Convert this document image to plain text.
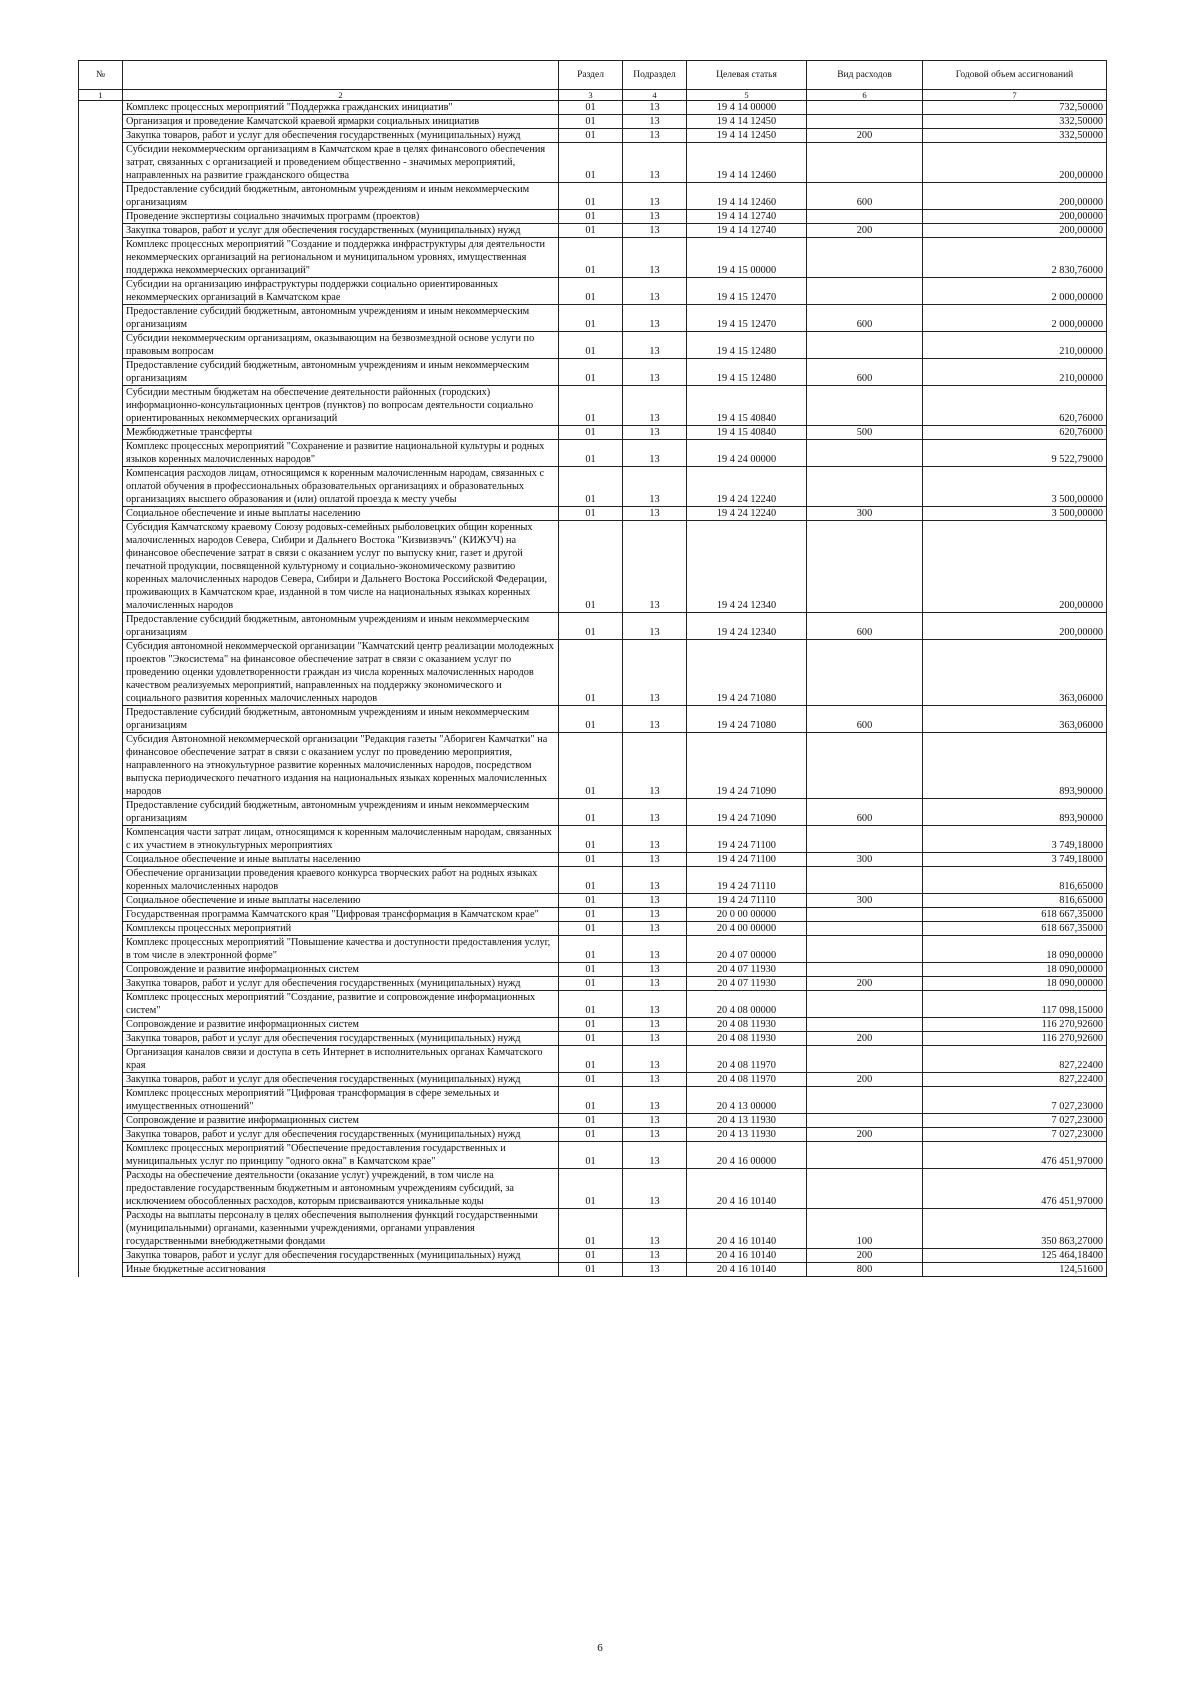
№		Раздел	Подраздел	Целевая статья	Вид расходов	Годовой объем ассигнований
1	2	3	4	5	6	7
	Комплекс процессных мероприятий "Поддержка гражданских инициатив"	01	13	19 4 14 00000		732,50000
	Организация и проведение Камчатской краевой ярмарки социальных инициатив	01	13	19 4 14 12450		332,50000
	Закупка товаров, работ и услуг для обеспечения государственных (муниципальных) нужд	01	13	19 4 14 12450	200	332,50000
	Субсидии некоммерческим организациям в Камчатском крае в целях финансового обеспечения затрат, связанных с организацией и проведением общественно - значимых мероприятий, направленных на развитие гражданского общества	01	13	19 4 14 12460		200,00000
	Предоставление субсидий бюджетным, автономным учреждениям и иным некоммерческим организациям	01	13	19 4 14 12460	600	200,00000
	Проведение экспертизы социально значимых программ (проектов)	01	13	19 4 14 12740		200,00000
	Закупка товаров, работ и услуг для обеспечения государственных (муниципальных) нужд	01	13	19 4 14 12740	200	200,00000
	Комплекс процессных мероприятий "Создание и поддержка инфраструктуры для деятельности некоммерческих организаций на региональном и муниципальном уровнях, имущественная поддержка некоммерческих организаций"	01	13	19 4 15 00000		2 830,76000
	Субсидии на организацию инфраструктуры поддержки социально ориентированных некоммерческих организаций в Камчатском крае	01	13	19 4 15 12470		2 000,00000
	Предоставление субсидий бюджетным, автономным учреждениям и иным некоммерческим организациям	01	13	19 4 15 12470	600	2 000,00000
	Субсидии некоммерческим организациям, оказывающим на безвозмездной основе услуги по правовым вопросам	01	13	19 4 15 12480		210,00000
	Предоставление субсидий бюджетным, автономным учреждениям и иным некоммерческим организациям	01	13	19 4 15 12480	600	210,00000
	Субсидии местным бюджетам на обеспечение деятельности районных (городских) информационно-консультационных центров (пунктов) по вопросам деятельности социально ориентированных некоммерческих организаций	01	13	19 4 15 40840		620,76000
	Межбюджетные трансферты	01	13	19 4 15 40840	500	620,76000
	Комплекс процессных мероприятий "Сохранение и развитие национальной культуры и родных языков коренных малочисленных народов"	01	13	19 4 24 00000		9 522,79000
	Компенсация расходов лицам, относящимся к коренным малочисленным народам, связанных с оплатой обучения в профессиональных образовательных организациях и образовательных организациях высшего образования и (или) оплатой проезда к месту учебы	01	13	19 4 24 12240		3 500,00000
	Социальное обеспечение и иные выплаты населению	01	13	19 4 24 12240	300	3 500,00000
	Субсидия Камчатскому краевому Союзу родовых-семейных рыболовецких общин коренных малочисленных народов Севера, Сибири и Дальнего Востока "Кизвизвэчъ" (КИЖУЧ) на финансовое обеспечение затрат в связи с оказанием услуг по выпуску книг, газет и другой печатной продукции, посвященной культурному и социально-экономическому развитию коренных малочисленных народов Севера, Сибири и Дальнего Востока Российской Федерации, проживающих в Камчатском крае, изданной в том числе на национальных языках коренных малочисленных народов	01	13	19 4 24 12340		200,00000
	Предоставление субсидий бюджетным, автономным учреждениям и иным некоммерческим организациям	01	13	19 4 24 12340	600	200,00000
	Субсидия автономной некоммерческой организации "Камчатский центр реализации молодежных проектов "Экосистема" на финансовое обеспечение затрат в связи с оказанием услуг по проведению оценки удовлетворенности граждан из числа коренных малочисленных народов качеством реализуемых мероприятий, направленных на поддержку экономического и социального развития коренных малочисленных народов	01	13	19 4 24 71080		363,06000
	Предоставление субсидий бюджетным, автономным учреждениям и иным некоммерческим организациям	01	13	19 4 24 71080	600	363,06000
	Субсидия Автономной некоммерческой организации "Редакция газеты "Абориген Камчатки" на финансовое обеспечение затрат в связи с оказанием услуг по проведению мероприятия, направленного на этнокультурное развитие коренных малочисленных народов, посредством выпуска периодического печатного издания на национальных языках коренных малочисленных народов	01	13	19 4 24 71090		893,90000
	Предоставление субсидий бюджетным, автономным учреждениям и иным некоммерческим организациям	01	13	19 4 24 71090	600	893,90000
	Компенсация части затрат лицам, относящимся к коренным малочисленным народам, связанных с их участием в этнокультурных мероприятиях	01	13	19 4 24 71100		3 749,18000
	Социальное обеспечение и иные выплаты населению	01	13	19 4 24 71100	300	3 749,18000
	Обеспечение организации проведения краевого конкурса творческих работ на родных языках коренных малочисленных народов	01	13	19 4 24 71110		816,65000
	Социальное обеспечение и иные выплаты населению	01	13	19 4 24 71110	300	816,65000
	Государственная программа Камчатского края "Цифровая трансформация в Камчатском крае"	01	13	20 0 00 00000		618 667,35000
	Комплексы процессных мероприятий	01	13	20 4 00 00000		618 667,35000
	Комплекс процессных мероприятий "Повышение качества и доступности предоставления услуг, в том числе в электронной форме"	01	13	20 4 07 00000		18 090,00000
	Сопровождение и развитие информационных систем	01	13	20 4 07 11930		18 090,00000
	Закупка товаров, работ и услуг для обеспечения государственных (муниципальных) нужд	01	13	20 4 07 11930	200	18 090,00000
	Комплекс процессных мероприятий "Создание, развитие и сопровождение информационных систем"	01	13	20 4 08 00000		117 098,15000
	Сопровождение и развитие информационных систем	01	13	20 4 08 11930		116 270,92600
	Закупка товаров, работ и услуг для обеспечения государственных (муниципальных) нужд	01	13	20 4 08 11930	200	116 270,92600
	Организация каналов связи и доступа в сеть Интернет в исполнительных органах Камчатского края	01	13	20 4 08 11970		827,22400
	Закупка товаров, работ и услуг для обеспечения государственных (муниципальных) нужд	01	13	20 4 08 11970	200	827,22400
	Комплекс процессных мероприятий "Цифровая трансформация в сфере земельных и имущественных отношений"	01	13	20 4 13 00000		7 027,23000
	Сопровождение и развитие информационных систем	01	13	20 4 13 11930		7 027,23000
	Закупка товаров, работ и услуг для обеспечения государственных (муниципальных) нужд	01	13	20 4 13 11930	200	7 027,23000
	Комплекс процессных мероприятий "Обеспечение предоставления государственных и муниципальных услуг по принципу "одного окна" в Камчатском крае"	01	13	20 4 16 00000		476 451,97000
	Расходы на обеспечение деятельности (оказание услуг) учреждений, в том числе на предоставление государственным бюджетным и автономным учреждениям субсидий, за исключением обособленных расходов, которым присваиваются уникальные коды	01	13	20 4 16 10140		476 451,97000
	Расходы на выплаты персоналу в целях обеспечения выполнения функций государственными (муниципальными) органами, казенными учреждениями, органами управления государственными внебюджетными фондами	01	13	20 4 16 10140	100	350 863,27000
	Закупка товаров, работ и услуг для обеспечения государственных (муниципальных) нужд	01	13	20 4 16 10140	200	125 464,18400
	Иные бюджетные ассигнования	01	13	20 4 16 10140	800	124,51600
6
